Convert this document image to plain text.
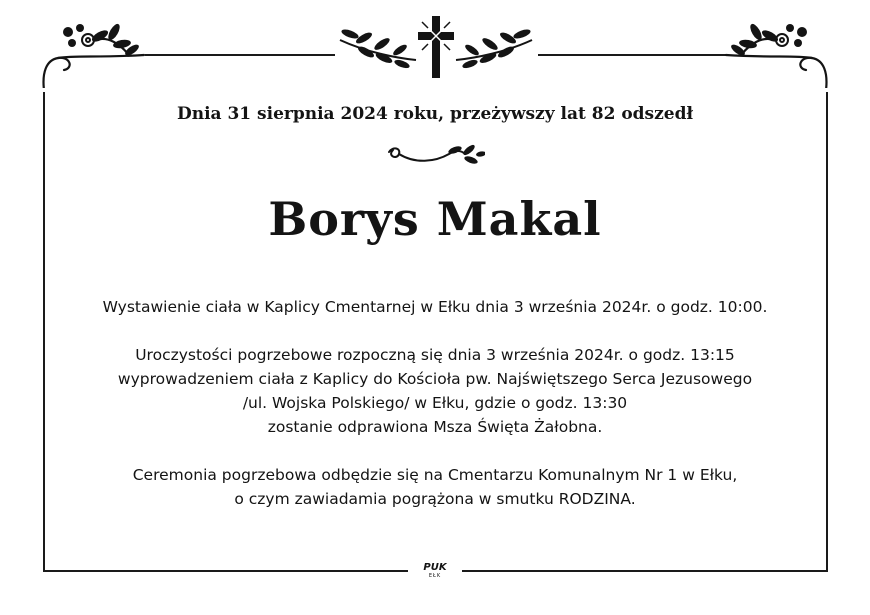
Dnia 31 sierpnia 2024 roku, przeżywszy lat 82 odszedł
Borys Makal
Wystawienie ciała w Kaplicy Cmentarnej w Ełku dnia 3 września 2024r. o godz. 10:00.
Uroczystości pogrzebowe rozpoczną się dnia 3 września 2024r. o godz. 13:15
wyprowadzeniem ciała z Kaplicy do Kościoła pw. Najświętszego Serca Jezusowego
/ul. Wojska Polskiego/ w Ełku, gdzie o godz. 13:30
zostanie odprawiona Msza Święta Żałobna.
Ceremonia pogrzebowa odbędzie się na Cmentarzu Komunalnym Nr 1 w Ełku,
o czym zawiadamia pogrążona w smutku RODZINA.
PUK
EŁK
